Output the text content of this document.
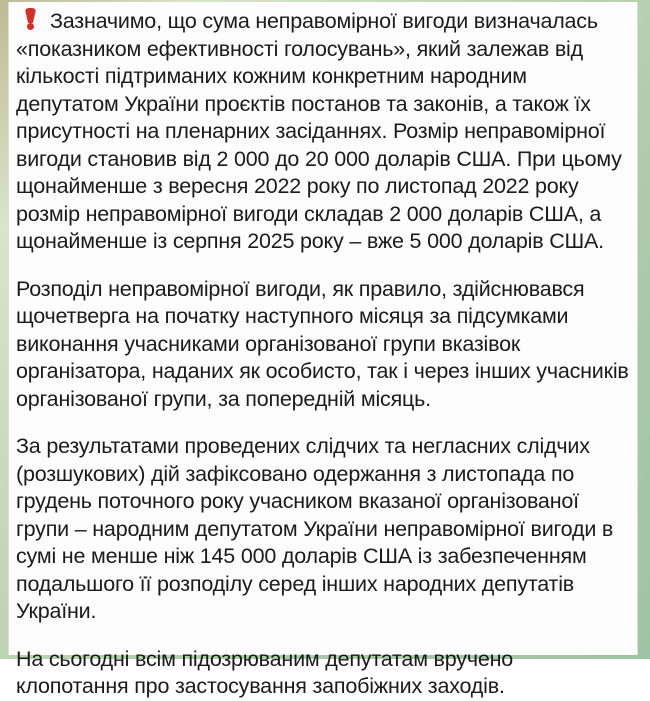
Зазначимо, що сума неправомірної вигоди визначалась «показником ефективності голосувань», який залежав від кількості підтриманих кожним конкретним народним депутатом України проєктів постанов та законів, а також їх присутності на пленарних засіданнях. Розмір неправомірної вигоди становив від 2 000 до 20 000 доларів США. При цьому щонайменше з вересня 2022 року по листопад 2022 року розмір неправомірної вигоди складав 2 000 доларів США, а щонайменше із серпня 2025 року – вже 5 000 доларів США.

Розподіл неправомірної вигоди, як правило, здійснювався щочетверга на початку наступного місяця за підсумками виконання учасниками організованої групи вказівок організатора, наданих як особисто, так і через інших учасників організованої групи, за попередній місяць.

За результатами проведених слідчих та негласних слідчих (розшукових) дій зафіксовано одержання з листопада по грудень поточного року учасником вказаної організованої групи – народним депутатом України неправомірної вигоди в сумі не менше ніж 145 000 доларів США із забезпеченням подальшого її розподілу серед інших народних депутатів України.

На сьогодні всім підозрюваним депутатам вручено клопотання про застосування запобіжних заходів.
